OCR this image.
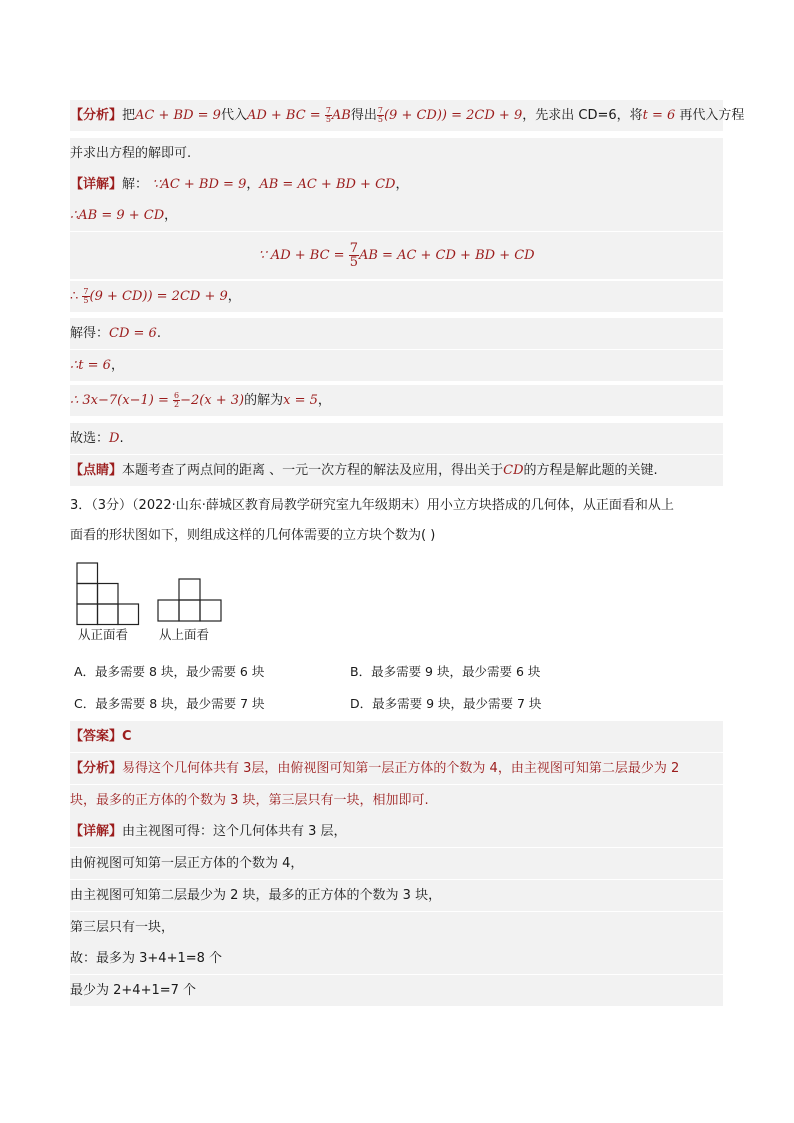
【分析】把AC + BD = 9代入AD + BC = $\frac{7}{5}$ AB得出 $\frac{7}{5} (9 + CD)) = 2CD + 9$，先求出 CD=6，将t = 6 再代入方程
并求出方程的解即可.
【详解】解： ∵AC + BD = 9，AB = AC + BD + CD，
∴AB = 9 + CD，
∵ AD + BC = $\frac{7}{5}$ AB = AC + CD + BD + CD
∴ $\frac{7}{5} (9 + CD)) = 2CD + 9$，
解得：CD = 6.
∴t = 6，
∴ $3x-7(x-1) = \frac{6}{2} -2(x + 3)$的解为x = 5，
故选：D.
【点睛】本题考查了两点间的距离 、一元一次方程的解法及应用，得出关于CD的方程是解此题的关键.
3．（3分）（2022·山东·薛城区教育局教学研究室九年级期末）用小立方块搭成的几何体，从正面看和从上
面看的形状图如下，则组成这样的几何体需要的立方块个数为( )
从正面看 从上面看
A．最多需要 8 块，最少需要 6 块	B．最多需要 9 块，最少需要 6 块
C．最多需要 8 块，最少需要 7 块	D．最多需要 9 块，最少需要 7 块
【答案】C
【分析】易得这个几何体共有 3层，由俯视图可知第一层正方体的个数为 4，由主视图可知第二层最少为 2
块，最多的正方体的个数为 3 块，第三层只有一块，相加即可.
【详解】由主视图可得：这个几何体共有 3 层，
由俯视图可知第一层正方体的个数为 4，
由主视图可知第二层最少为 2 块，最多的正方体的个数为 3 块，
第三层只有一块，
故：最多为 3+4+1=8 个
最少为 2+4+1=7 个
